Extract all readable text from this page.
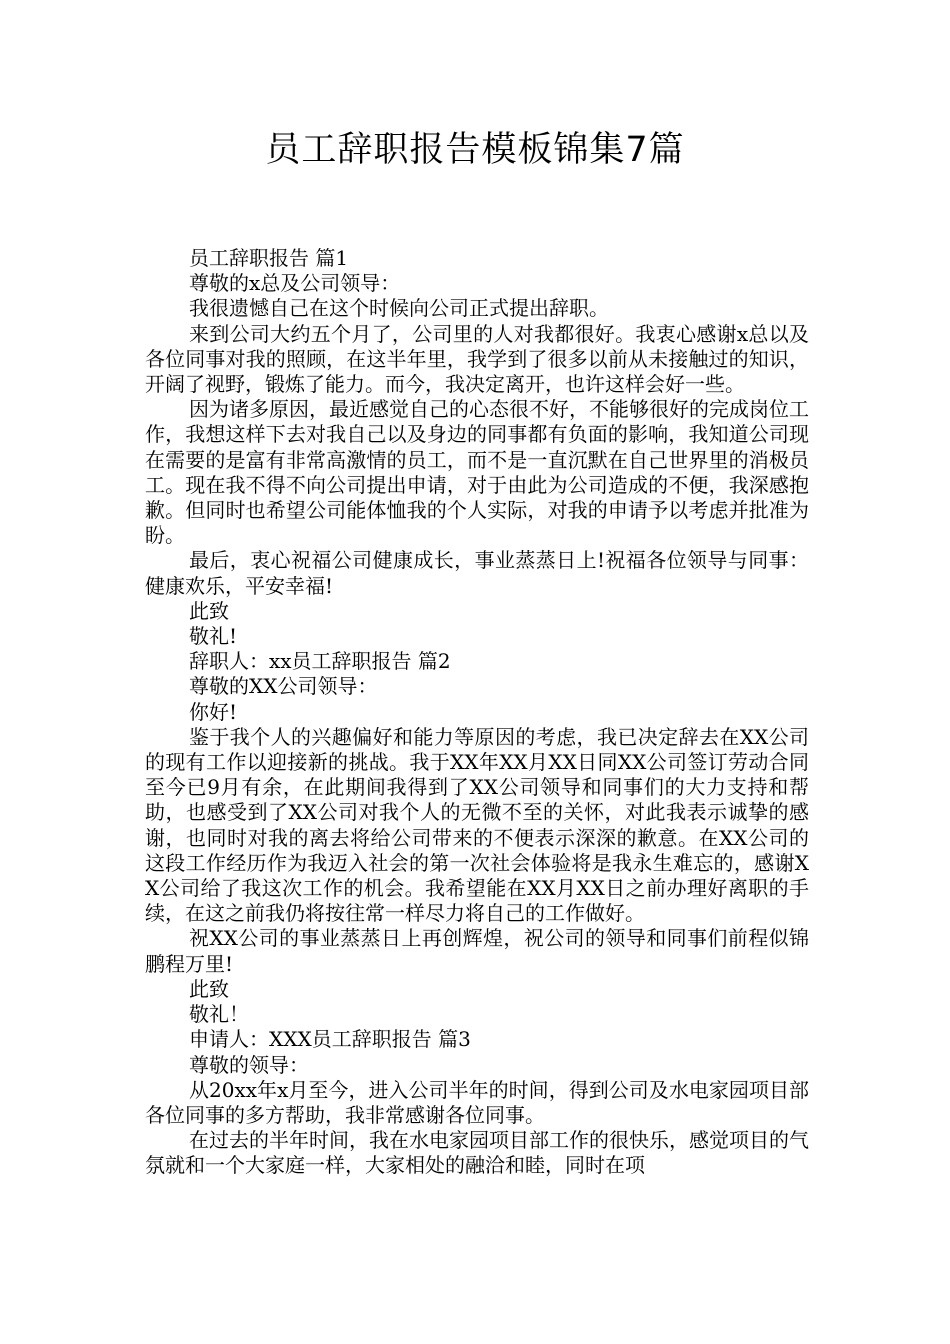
员工辞职报告模板锦集7篇

员工辞职报告 篇1

尊敬的x总及公司领导：

我很遗憾自己在这个时候向公司正式提出辞职。

来到公司大约五个月了，公司里的人对我都很好。我衷心感谢x总以及各位同事对我的照顾，在这半年里，我学到了很多以前从未接触过的知识，开阔了视野，锻炼了能力。而今，我决定离开，也许这样会好一些。

因为诸多原因，最近感觉自己的心态很不好，不能够很好的完成岗位工作，我想这样下去对我自己以及身边的同事都有负面的影响，我知道公司现在需要的是富有非常高激情的员工，而不是一直沉默在自己世界里的消极员工。现在我不得不向公司提出申请，对于由此为公司造成的不便，我深感抱歉。但同时也希望公司能体恤我的个人实际，对我的申请予以考虑并批准为盼。

最后，衷心祝福公司健康成长，事业蒸蒸日上!祝福各位领导与同事：健康欢乐，平安幸福!

此致

敬礼!

辞职人：xx员工辞职报告 篇2

尊敬的XX公司领导：

你好!

鉴于我个人的兴趣偏好和能力等原因的考虑，我已决定辞去在XX公司的现有工作以迎接新的挑战。我于XX年XX月XX日同XX公司签订劳动合同至今已9月有余，在此期间我得到了XX公司领导和同事们的大力支持和帮助，也感受到了XX公司对我个人的无微不至的关怀，对此我表示诚挚的感谢，也同时对我的离去将给公司带来的不便表示深深的歉意。在XX公司的这段工作经历作为我迈入社会的第一次社会体验将是我永生难忘的，感谢XX公司给了我这次工作的机会。我希望能在XX月XX日之前办理好离职的手续，在这之前我仍将按往常一样尽力将自己的工作做好。

祝XX公司的事业蒸蒸日上再创辉煌，祝公司的领导和同事们前程似锦鹏程万里!

此致

敬礼！

申请人：XXX员工辞职报告 篇3

尊敬的领导：

从20xx年x月至今，进入公司半年的时间，得到公司及水电家园项目部各位同事的多方帮助，我非常感谢各位同事。

在过去的半年时间，我在水电家园项目部工作的很快乐，感觉项目的气氛就和一个大家庭一样，大家相处的融洽和睦，同时在项
